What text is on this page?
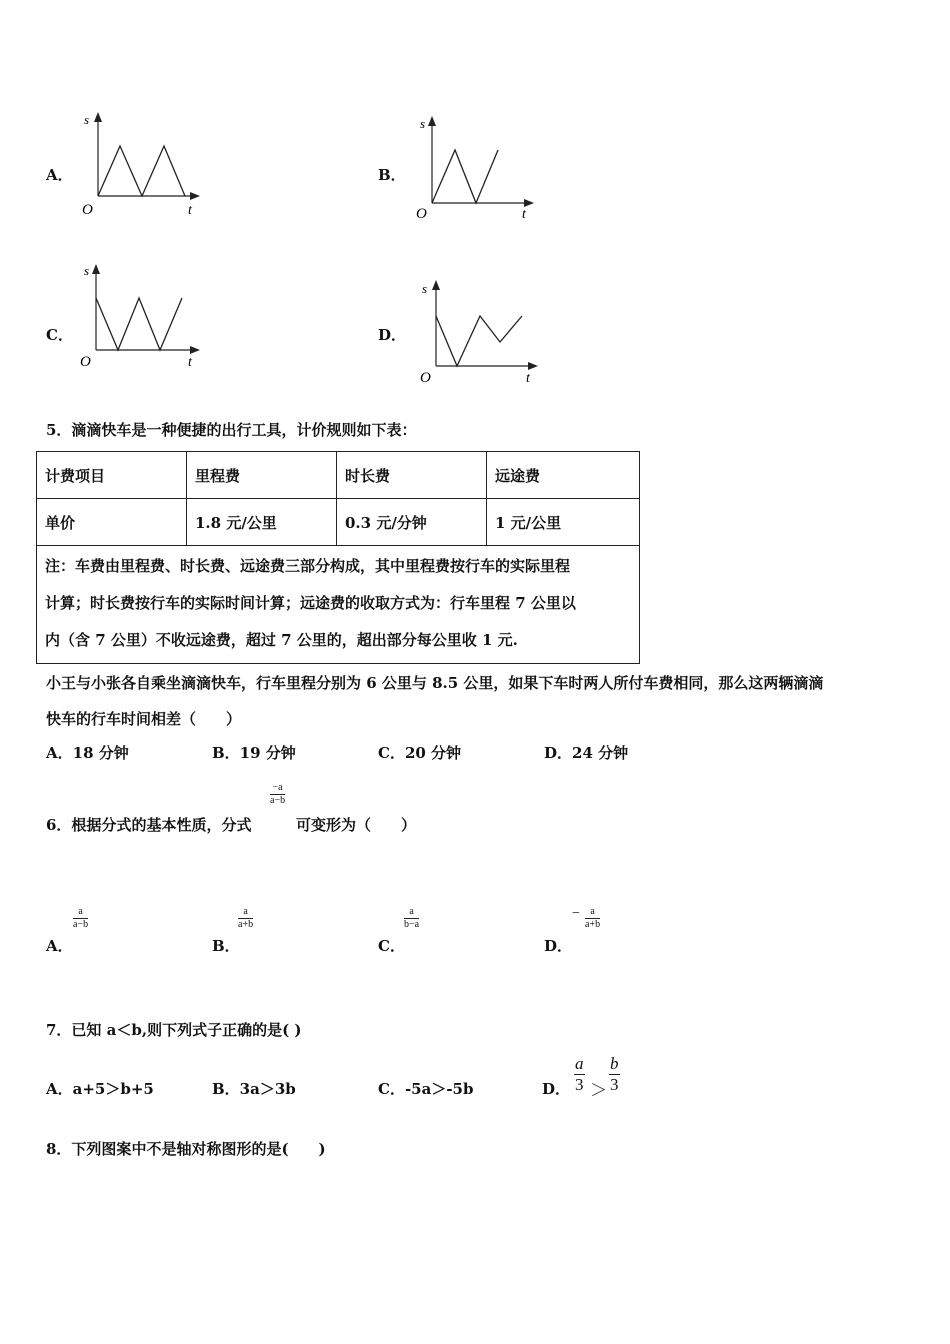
A．
s
O	t
B．
s
O	t
C．
s
O	t
D．
s
O	t
5．滴滴快车是一种便捷的出行工具，计价规则如下表：
计费项目	里程费	时长费	远途费
单价	1.8 元/公里	0.3 元/分钟	1 元/公里

注：车费由里程费、时长费、远途费三部分构成，其中里程费按行车的实际里程
计算；时长费按行车的实际时间计算；远途费的收取方式为：行车里程 7 公里以
内（含 7 公里）不收远途费，超过 7 公里的，超出部分每公里收 1 元.			
小王与小张各自乘坐滴滴快车，行车里程分别为 6 公里与 8.5 公里，如果下车时两人所付车费相同，那么这两辆滴滴
快车的行车时间相差（　　）
A．18 分钟	B．19 分钟	C．20 分钟	D．24 分钟
6．根据分式的基本性质，分式
$\frac{-a}{a-b}$
可变形为（　　）
A．
$\frac{a}{a-b}$
B．
$\frac{a}{a+b}$
C．
$\frac{a}{b-a}$
D．
− $\frac{a}{a+b}$
7．已知 a＜b,则下列式子正确的是( )
A．a+5＞b+5	B．3a＞3b	C．-5a＞-5b	D． $\frac{a}{3} > \frac{b}{3}$
8．下列图案中不是轴对称图形的是(　　)
